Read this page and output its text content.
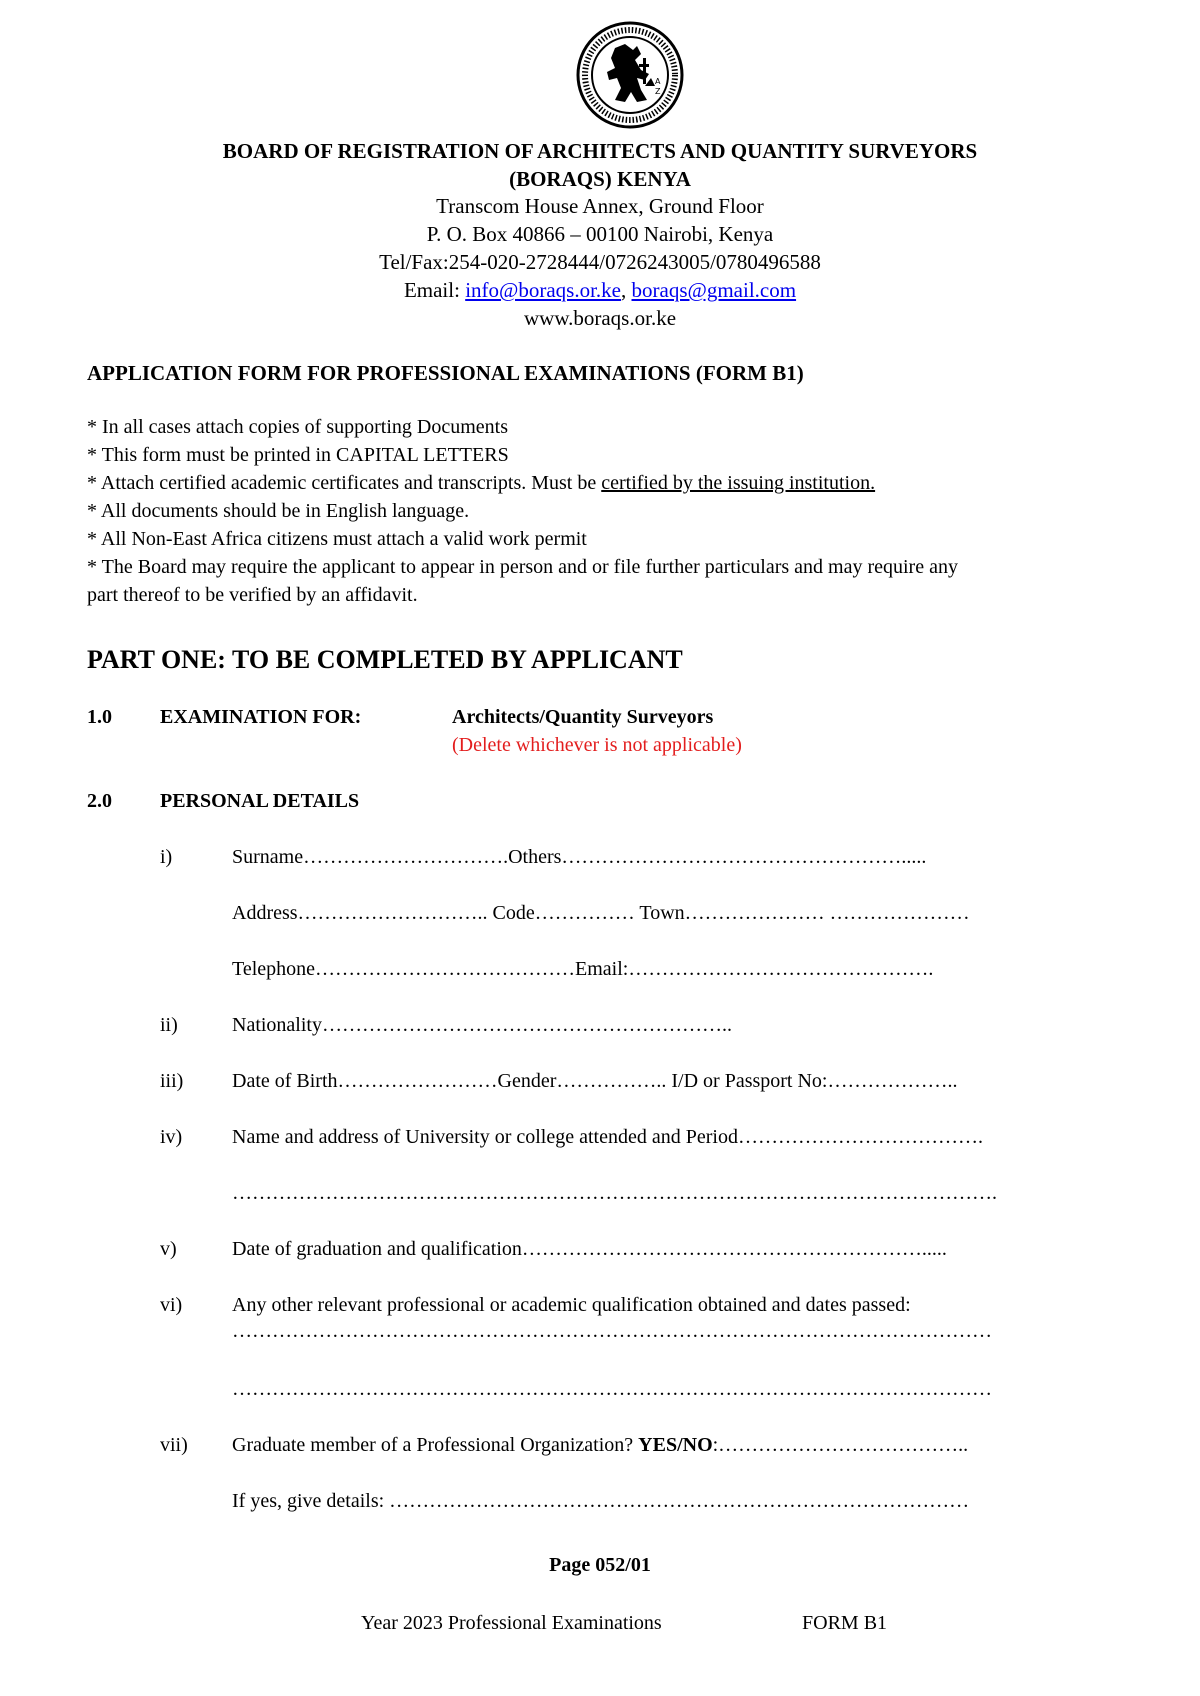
A
Z
BOARD OF REGISTRATION OF ARCHITECTS AND QUANTITY SURVEYORS
(BORAQS) KENYA
Transcom House Annex, Ground Floor
P. O. Box 40866 – 00100 Nairobi, Kenya
Tel/Fax:254-020-2728444/0726243005/0780496588
Email: info@boraqs.or.ke, boraqs@gmail.com
www.boraqs.or.ke
APPLICATION FORM FOR PROFESSIONAL EXAMINATIONS (FORM B1)
* In all cases attach copies of supporting Documents
* This form must be printed in CAPITAL LETTERS
* Attach certified academic certificates and transcripts. Must be certified by the issuing institution.
* All documents should be in English language.
* All Non-East Africa citizens must attach a valid work permit
* The Board may require the applicant to appear in person and or file further particulars and may require any
part thereof to be verified by an affidavit.
PART ONE: TO BE COMPLETED BY APPLICANT
1.0 EXAMINATION FOR:	Architects/Quantity Surveyors
(Delete whichever is not applicable)
2.0 PERSONAL DETAILS
i)	Surname………………………….Others…………………………………………….....
Address……………………….. Code…………… Town………………… …………………
Telephone…………………………………Email:……………………………………….
ii)	Nationality……………………………………………………..
iii) Date of Birth……………………Gender…………….. I/D or Passport No:………………..
iv) Name and address of University or college attended and Period……………………………….
…………………………………………………………………………………………………….
v)	Date of graduation and qualification…………………………………………………….....
vi) Any other relevant professional or academic qualification obtained and dates passed:
……………………………………………………………………………………………………
……………………………………………………………………………………………………
vii) Graduate member of a Professional Organization? YES/NO:………………………………..
If yes, give details: ……………………………………………………………………………
Page 052/01
Year 2023 Professional Examinations	FORM B1
